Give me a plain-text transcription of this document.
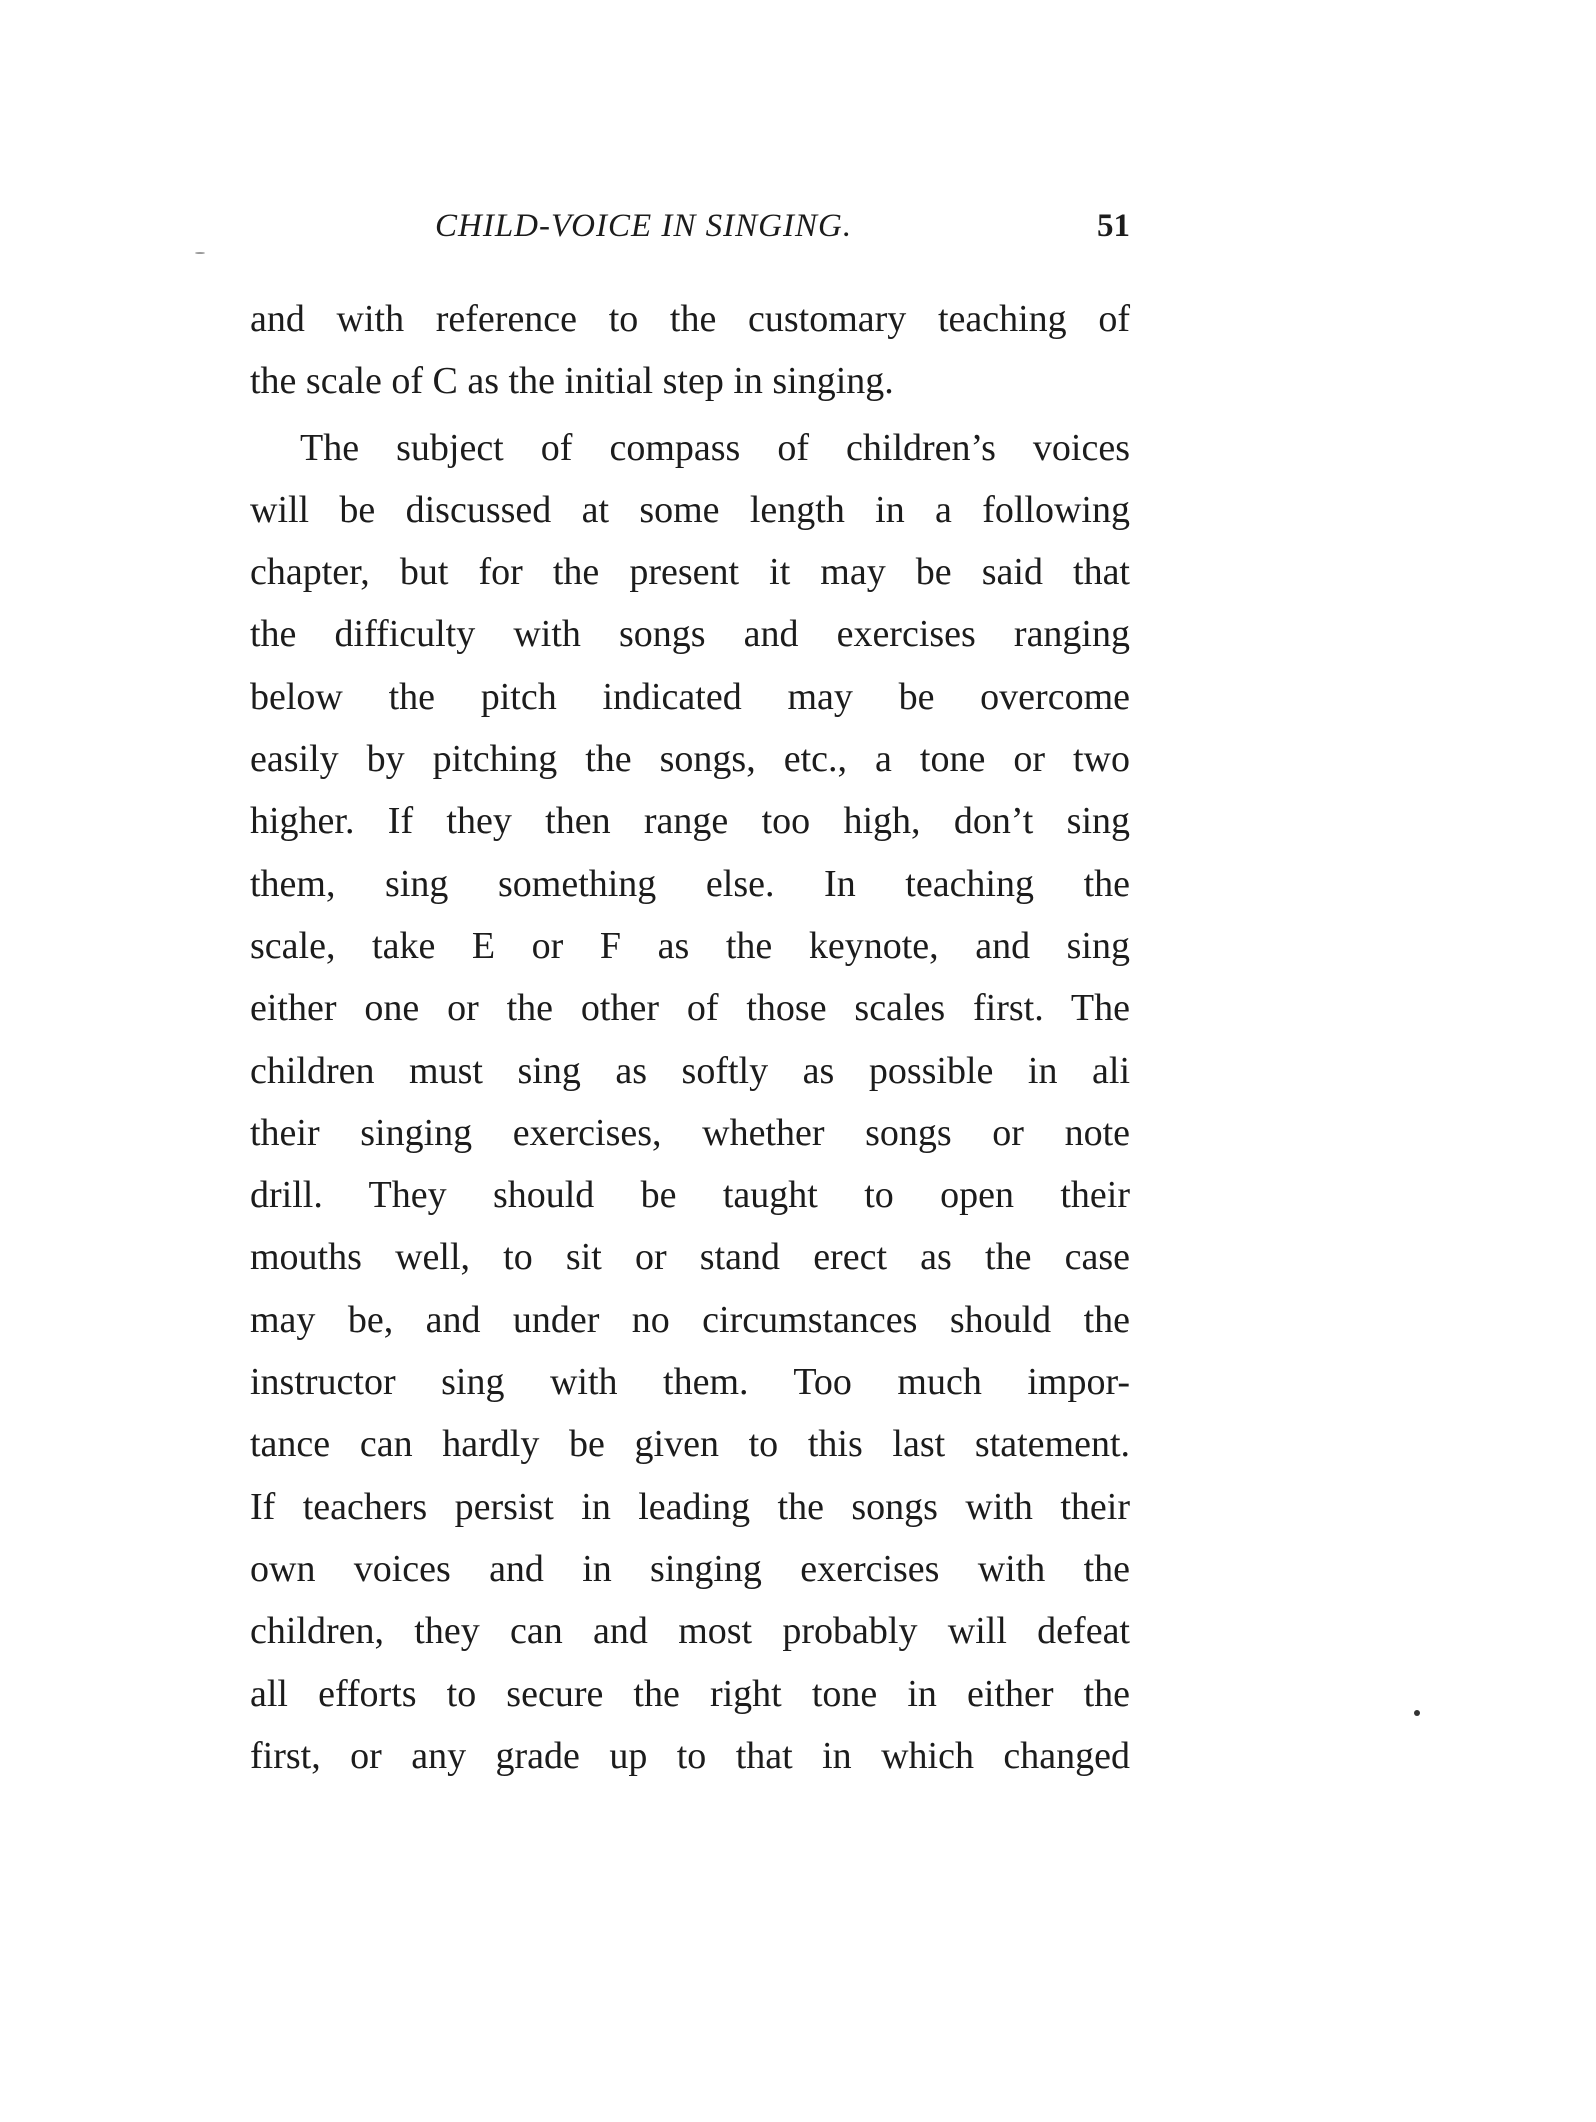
CHILD-VOICE IN SINGING.	51
and with reference to the customary teaching of
the scale of C as the initial step in singing.
The subject of compass of children’s voices
will be discussed at some length in a following
chapter, but for the present it may be said that
the difficulty with songs and exercises ranging
below the pitch indicated may be overcome
easily by pitching the songs, etc., a tone or two
higher. If they then range too high, don’t sing
them, sing something else. In teaching the
scale, take E or F as the keynote, and sing
either one or the other of those scales first. The
children must sing as softly as possible in ali
their singing exercises, whether songs or note
drill. They should be taught to open their
mouths well, to sit or stand erect as the case
may be, and under no circumstances should the
instructor sing with them. Too much impor-
tance can hardly be given to this last statement.
If teachers persist in leading the songs with their
own voices and in singing exercises with the
children, they can and most probably will defeat
all efforts to secure the right tone in either the
first, or any grade up to that in which changed
